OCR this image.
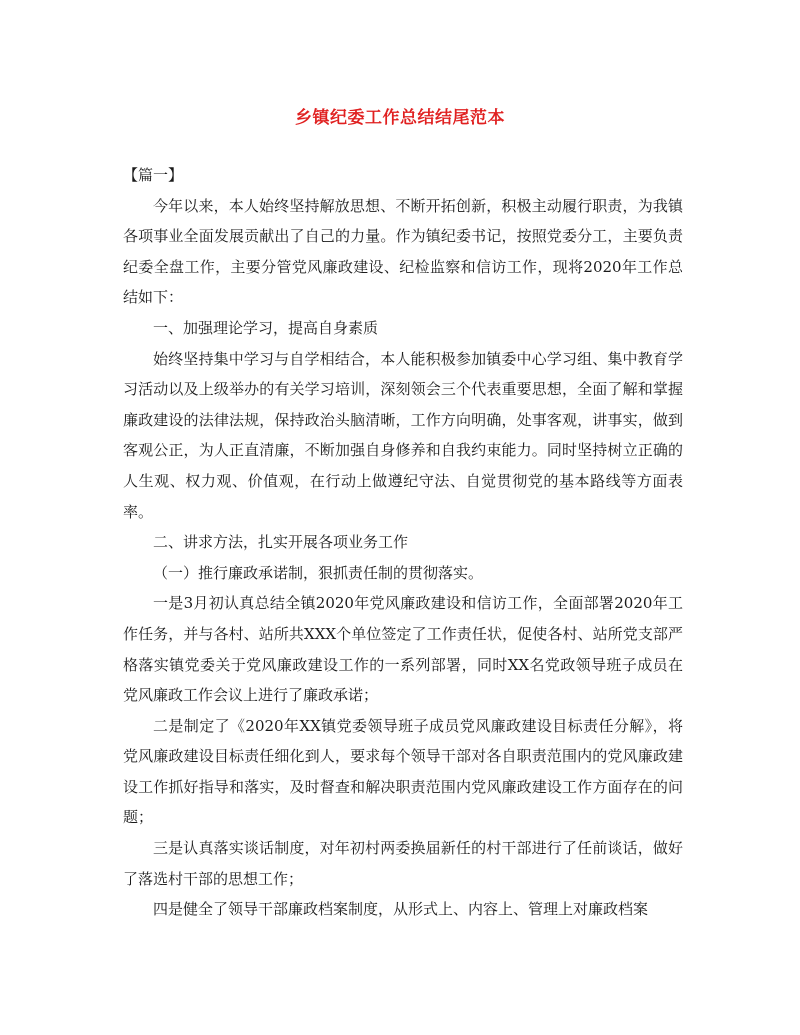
乡镇纪委工作总结结尾范本

【篇一】

今年以来，本人始终坚持解放思想、不断开拓创新，积极主动履行职责，为我镇各项事业全面发展贡献出了自己的力量。作为镇纪委书记，按照党委分工，主要负责纪委全盘工作，主要分管党风廉政建设、纪检监察和信访工作，现将2020年工作总结如下：

一、加强理论学习，提高自身素质

始终坚持集中学习与自学相结合，本人能积极参加镇委中心学习组、集中教育学习活动以及上级举办的有关学习培训，深刻领会三个代表重要思想，全面了解和掌握廉政建设的法律法规，保持政治头脑清晰，工作方向明确，处事客观，讲事实，做到客观公正，为人正直清廉，不断加强自身修养和自我约束能力。同时坚持树立正确的人生观、权力观、价值观，在行动上做遵纪守法、自觉贯彻党的基本路线等方面表率。

二、讲求方法，扎实开展各项业务工作

（一）推行廉政承诺制，狠抓责任制的贯彻落实。

一是3月初认真总结全镇2020年党风廉政建设和信访工作，全面部署2020年工作任务，并与各村、站所共XXX个单位签定了工作责任状，促使各村、站所党支部严格落实镇党委关于党风廉政建设工作的一系列部署，同时XX名党政领导班子成员在党风廉政工作会议上进行了廉政承诺；

二是制定了《2020年XX镇党委领导班子成员党风廉政建设目标责任分解》，将党风廉政建设目标责任细化到人，要求每个领导干部对各自职责范围内的党风廉政建设工作抓好指导和落实，及时督查和解决职责范围内党风廉政建设工作方面存在的问题；

三是认真落实谈话制度，对年初村两委换届新任的村干部进行了任前谈话，做好了落选村干部的思想工作；

四是健全了领导干部廉政档案制度，从形式上、内容上、管理上对廉政档案
